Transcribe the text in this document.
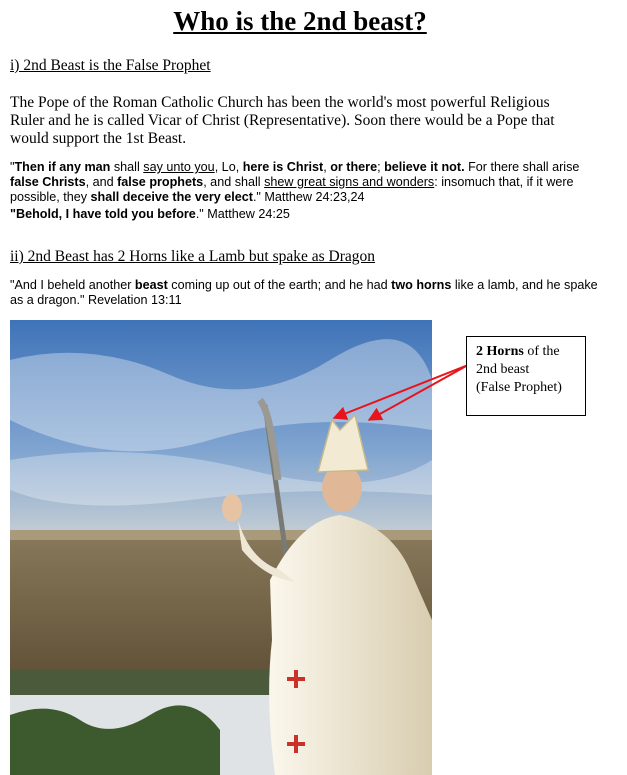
Who is the 2nd beast?
i) 2nd Beast is the False Prophet
The Pope of the Roman Catholic Church has been the world's most powerful Religious Ruler and he is called Vicar of Christ (Representative). Soon there would be a Pope that would support the 1st Beast.
"Then if any man shall say unto you, Lo, here is Christ, or there; believe it not. For there shall arise false Christs, and false prophets, and shall shew great signs and wonders: insomuch that, if it were possible, they shall deceive the very elect." Matthew 24:23,24
"Behold, I have told you before." Matthew 24:25
ii) 2nd Beast has 2 Horns like a Lamb but spake as Dragon
"And I beheld another beast coming up out of the earth; and he had two horns like a lamb, and he spake as a dragon." Revelation 13:11
2 Horns of the
2nd beast
(False Prophet)
